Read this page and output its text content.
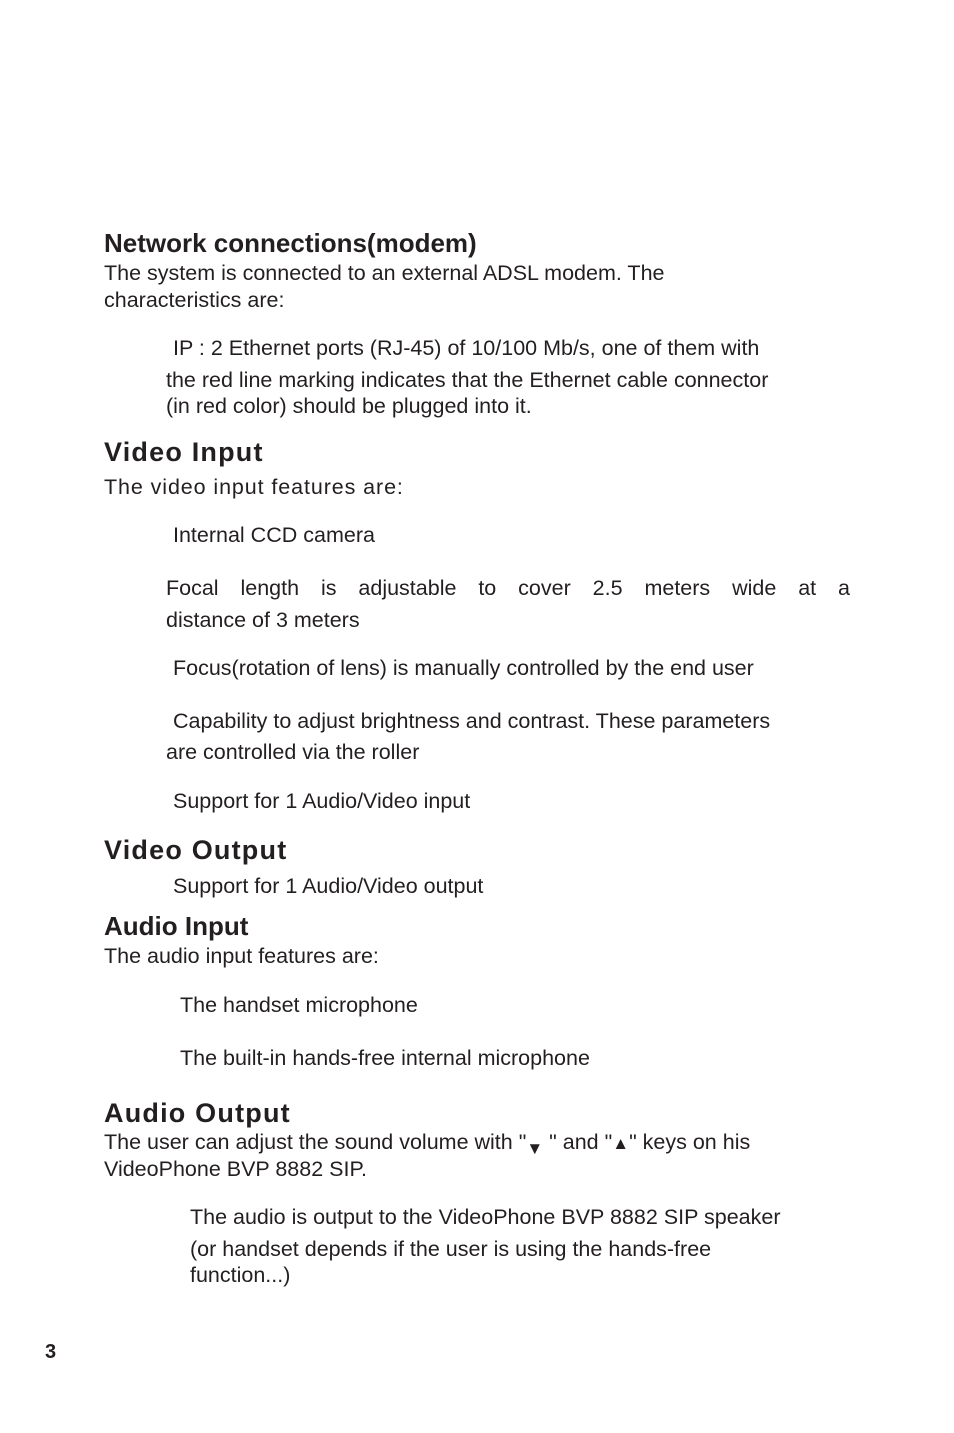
Network connections(modem)
The system is connected to an external ADSL modem. The
characteristics are:
IP : 2 Ethernet ports (RJ-45) of 10/100 Mb/s, one of them with
the red line marking indicates that the Ethernet cable connector
(in red color) should be plugged into it.
Video Input
The video input features are:
Internal CCD camera
Focal length is adjustable to cover 2.5 meters wide at a
distance of 3 meters
Focus(rotation of lens) is manually controlled by the end user
Capability to adjust brightness and contrast. These parameters
are controlled via the roller
Support for 1 Audio/Video input
Video Output
Support for 1 Audio/Video output
Audio Input
The audio input features are:
The handset microphone
The built-in hands-free internal microphone
Audio Output
The user can adjust the sound volume with "▼ " and "▲" keys on his
VideoPhone BVP 8882 SIP.
The audio is output to the VideoPhone BVP 8882 SIP speaker
(or handset depends if the user is using the hands-free
function...)
3
